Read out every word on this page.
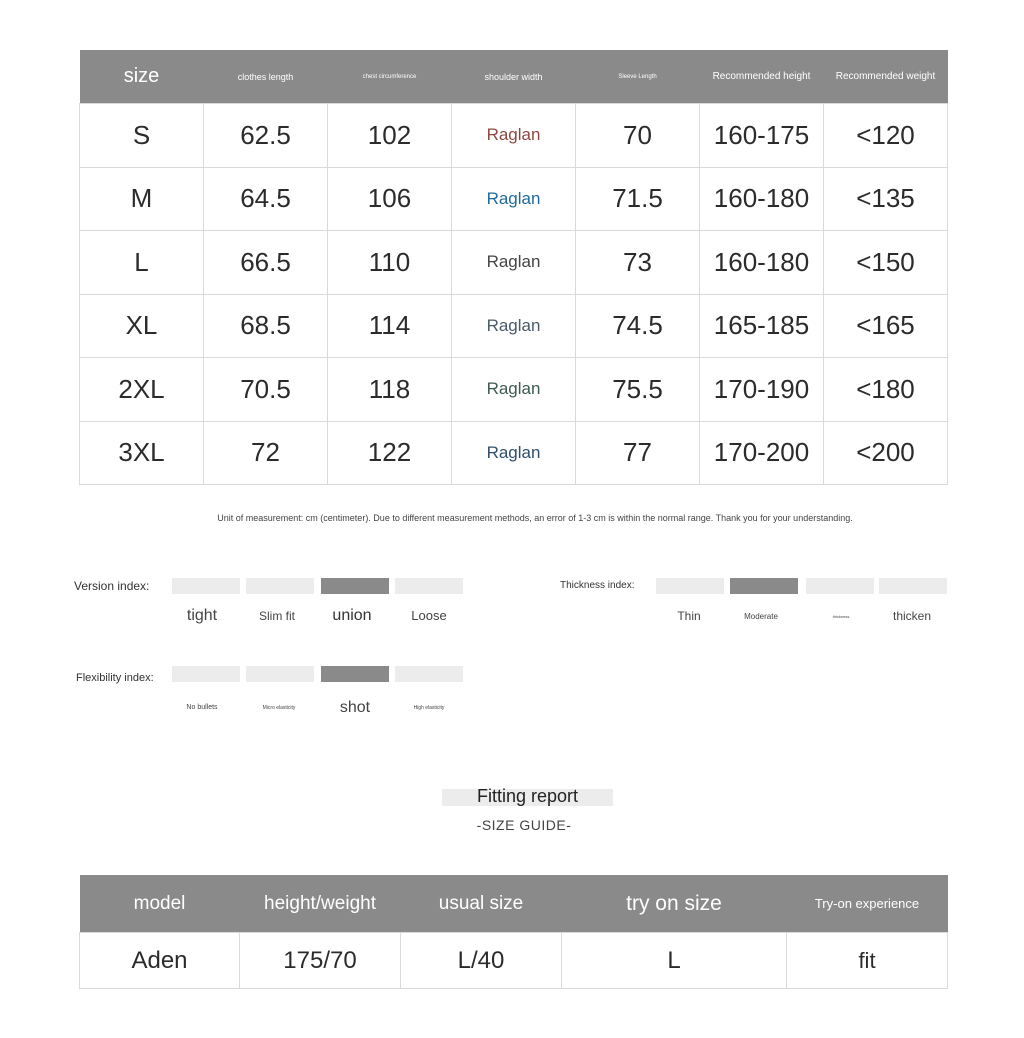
size	clothes length	chest circumference	shoulder width	Sleeve Length	Recommended height	Recommended weight
S	62.5	102	Raglan	70	160-175	<120
M	64.5	106	Raglan	71.5	160-180	<135
L	66.5	110	Raglan	73	160-180	<150
XL	68.5	114	Raglan	74.5	165-185	<165
2XL	70.5	118	Raglan	75.5	170-190	<180
3XL	72	122	Raglan	77	170-200	<200
Unit of measurement: cm (centimeter). Due to different measurement methods, an error of 1-3 cm is within the normal range. Thank you for your understanding.
Version index:
tight	Slim fit	union	Loose
Thickness index:
Thin	Moderate	thickness	thicken
Flexibility index:
No bullets	Micro elasticity	shot	High elasticity
Fitting report
-SIZE GUIDE-
model	height/weight	usual size	try on size	Try-on experience
Aden	175/70	L/40	L	fit
